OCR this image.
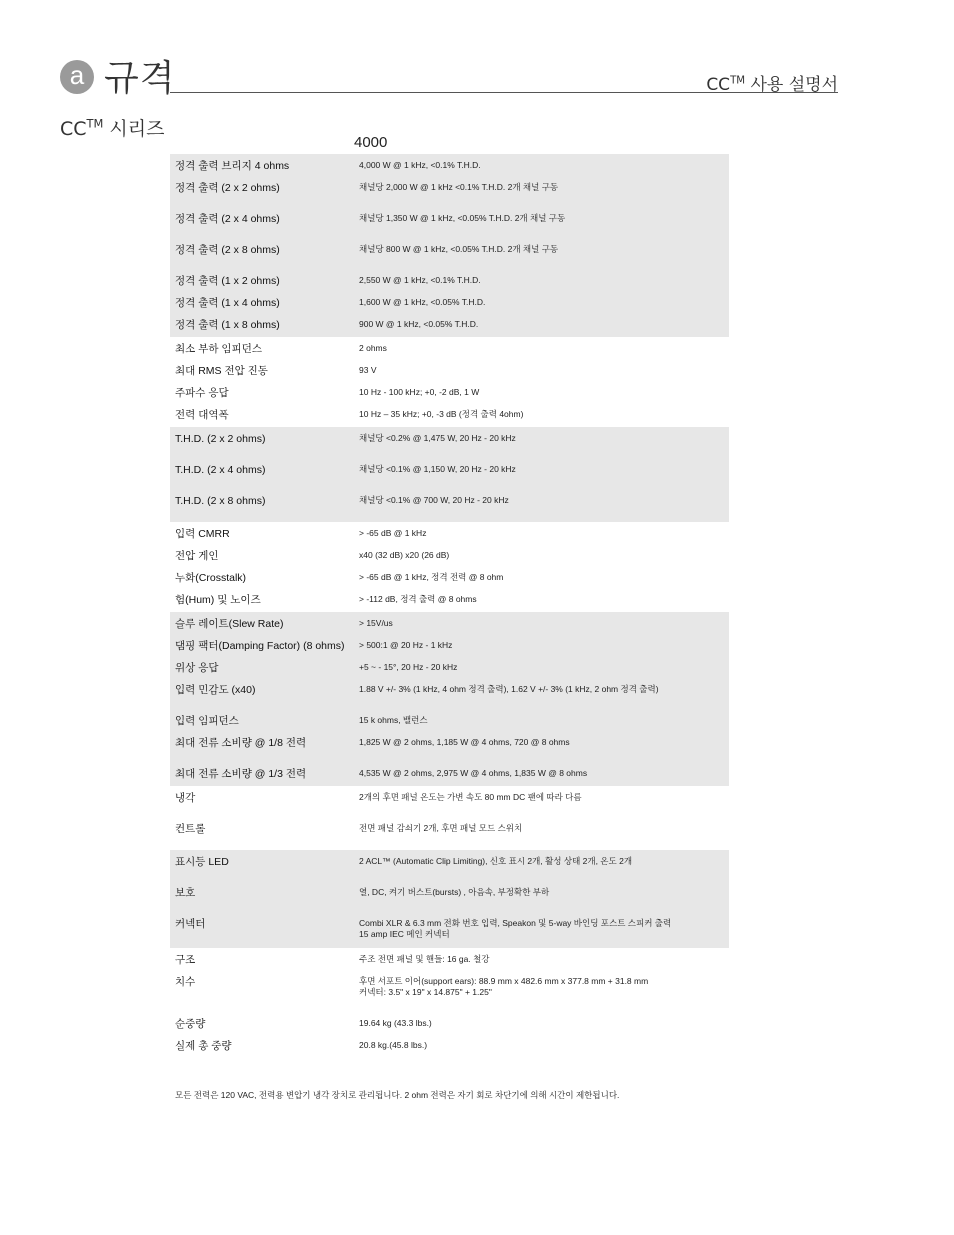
a 규격	CC™ 사용 설명서
CC™ 시리즈
4000
정격 출력 브리지 4 ohms	4,000 W @ 1 kHz, <0.1% T.H.D.
정격 출력 (2 x 2 ohms)	채널당 2,000 W @ 1 kHz <0.1% T.H.D. 2개 채널 구동
정격 출력 (2 x 4 ohms)	채널당 1,350 W @ 1 kHz, <0.05% T.H.D. 2개 채널 구동
정격 출력 (2 x 8 ohms)	채널당 800 W @ 1 kHz, <0.05% T.H.D. 2개 채널 구동
정격 출력 (1 x 2 ohms)	2,550 W @ 1 kHz, <0.1% T.H.D.
정격 출력 (1 x 4 ohms)	1,600 W @ 1 kHz, <0.05% T.H.D.
정격 출력 (1 x 8 ohms)	900 W @ 1 kHz, <0.05% T.H.D.
최소 부하 임피던스	2 ohms
최대 RMS 전압 진동	93 V
주파수 응답	10 Hz - 100 kHz; +0, -2 dB, 1 W
전력 대역폭	10 Hz – 35 kHz; +0, -3 dB (정격 출력 4ohm)
T.H.D. (2 x 2 ohms)	채널당 <0.2% @ 1,475 W, 20 Hz - 20 kHz
T.H.D. (2 x 4 ohms)	채널당 <0.1% @ 1,150 W, 20 Hz - 20 kHz
T.H.D. (2 x 8 ohms)	채널당 <0.1% @ 700 W, 20 Hz - 20 kHz
입력 CMRR	> -65 dB @ 1 kHz
전압 게인	x40 (32 dB) x20 (26 dB)
누화(Crosstalk)	> -65 dB @ 1 kHz, 정격 전력 @ 8 ohm
험(Hum) 및 노이즈	> -112 dB, 정격 출력 @ 8 ohms
슬루 레이트(Slew Rate)	> 15V/us
댐핑 팩터(Damping Factor) (8 ohms)	> 500:1 @ 20 Hz - 1 kHz
위상 응답	+5 ~ - 15°, 20 Hz - 20 kHz
입력 민감도 (x40)	1.88 V +/- 3% (1 kHz, 4 ohm 정격 출력), 1.62 V +/- 3% (1 kHz, 2 ohm 정격 출력)
입력 임피던스	15 k ohms, 밸런스
최대 전류 소비량 @ 1/8 전력	1,825 W @ 2 ohms, 1,185 W @ 4 ohms, 720 @ 8 ohms
최대 전류 소비량 @ 1/3 전력	4,535 W @ 2 ohms, 2,975 W @ 4 ohms, 1,835 W @ 8 ohms
냉각	2개의 후면 패널 온도는 가변 속도 80 mm DC 팬에 따라 다름
컨트롤	전면 패널 감쇠기 2개, 후면 패널 모드 스위치
표시등 LED	2 ACL™ (Automatic Clip Limiting), 신호 표시 2개, 활성 상태 2개, 온도 2개
보호	열, DC, 켜기 버스트(bursts) , 아음속, 부정확한 부하
커넥터	Combi XLR & 6.3 mm 전화 번호 입력, Speakon 및 5-way 바인딩 포스트 스피커 출력
15 amp IEC 메인 커넥터
구조	주조 전면 패널 및 핸들: 16 ga. 철강
치수	후면 서포트 이어(support ears): 88.9 mm x 482.6 mm x 377.8 mm + 31.8 mm
커넥터: 3.5" x 19" x 14.875" + 1.25"
순중량	19.64 kg (43.3 lbs.)
실제 총 중량	20.8 kg.(45.8 lbs.)
모든 전력은 120 VAC, 전력용 변압기 냉각 장치로 관리됩니다. 2 ohm 전력은 자기 회로 차단기에 의해 시간이 제한됩니다.
